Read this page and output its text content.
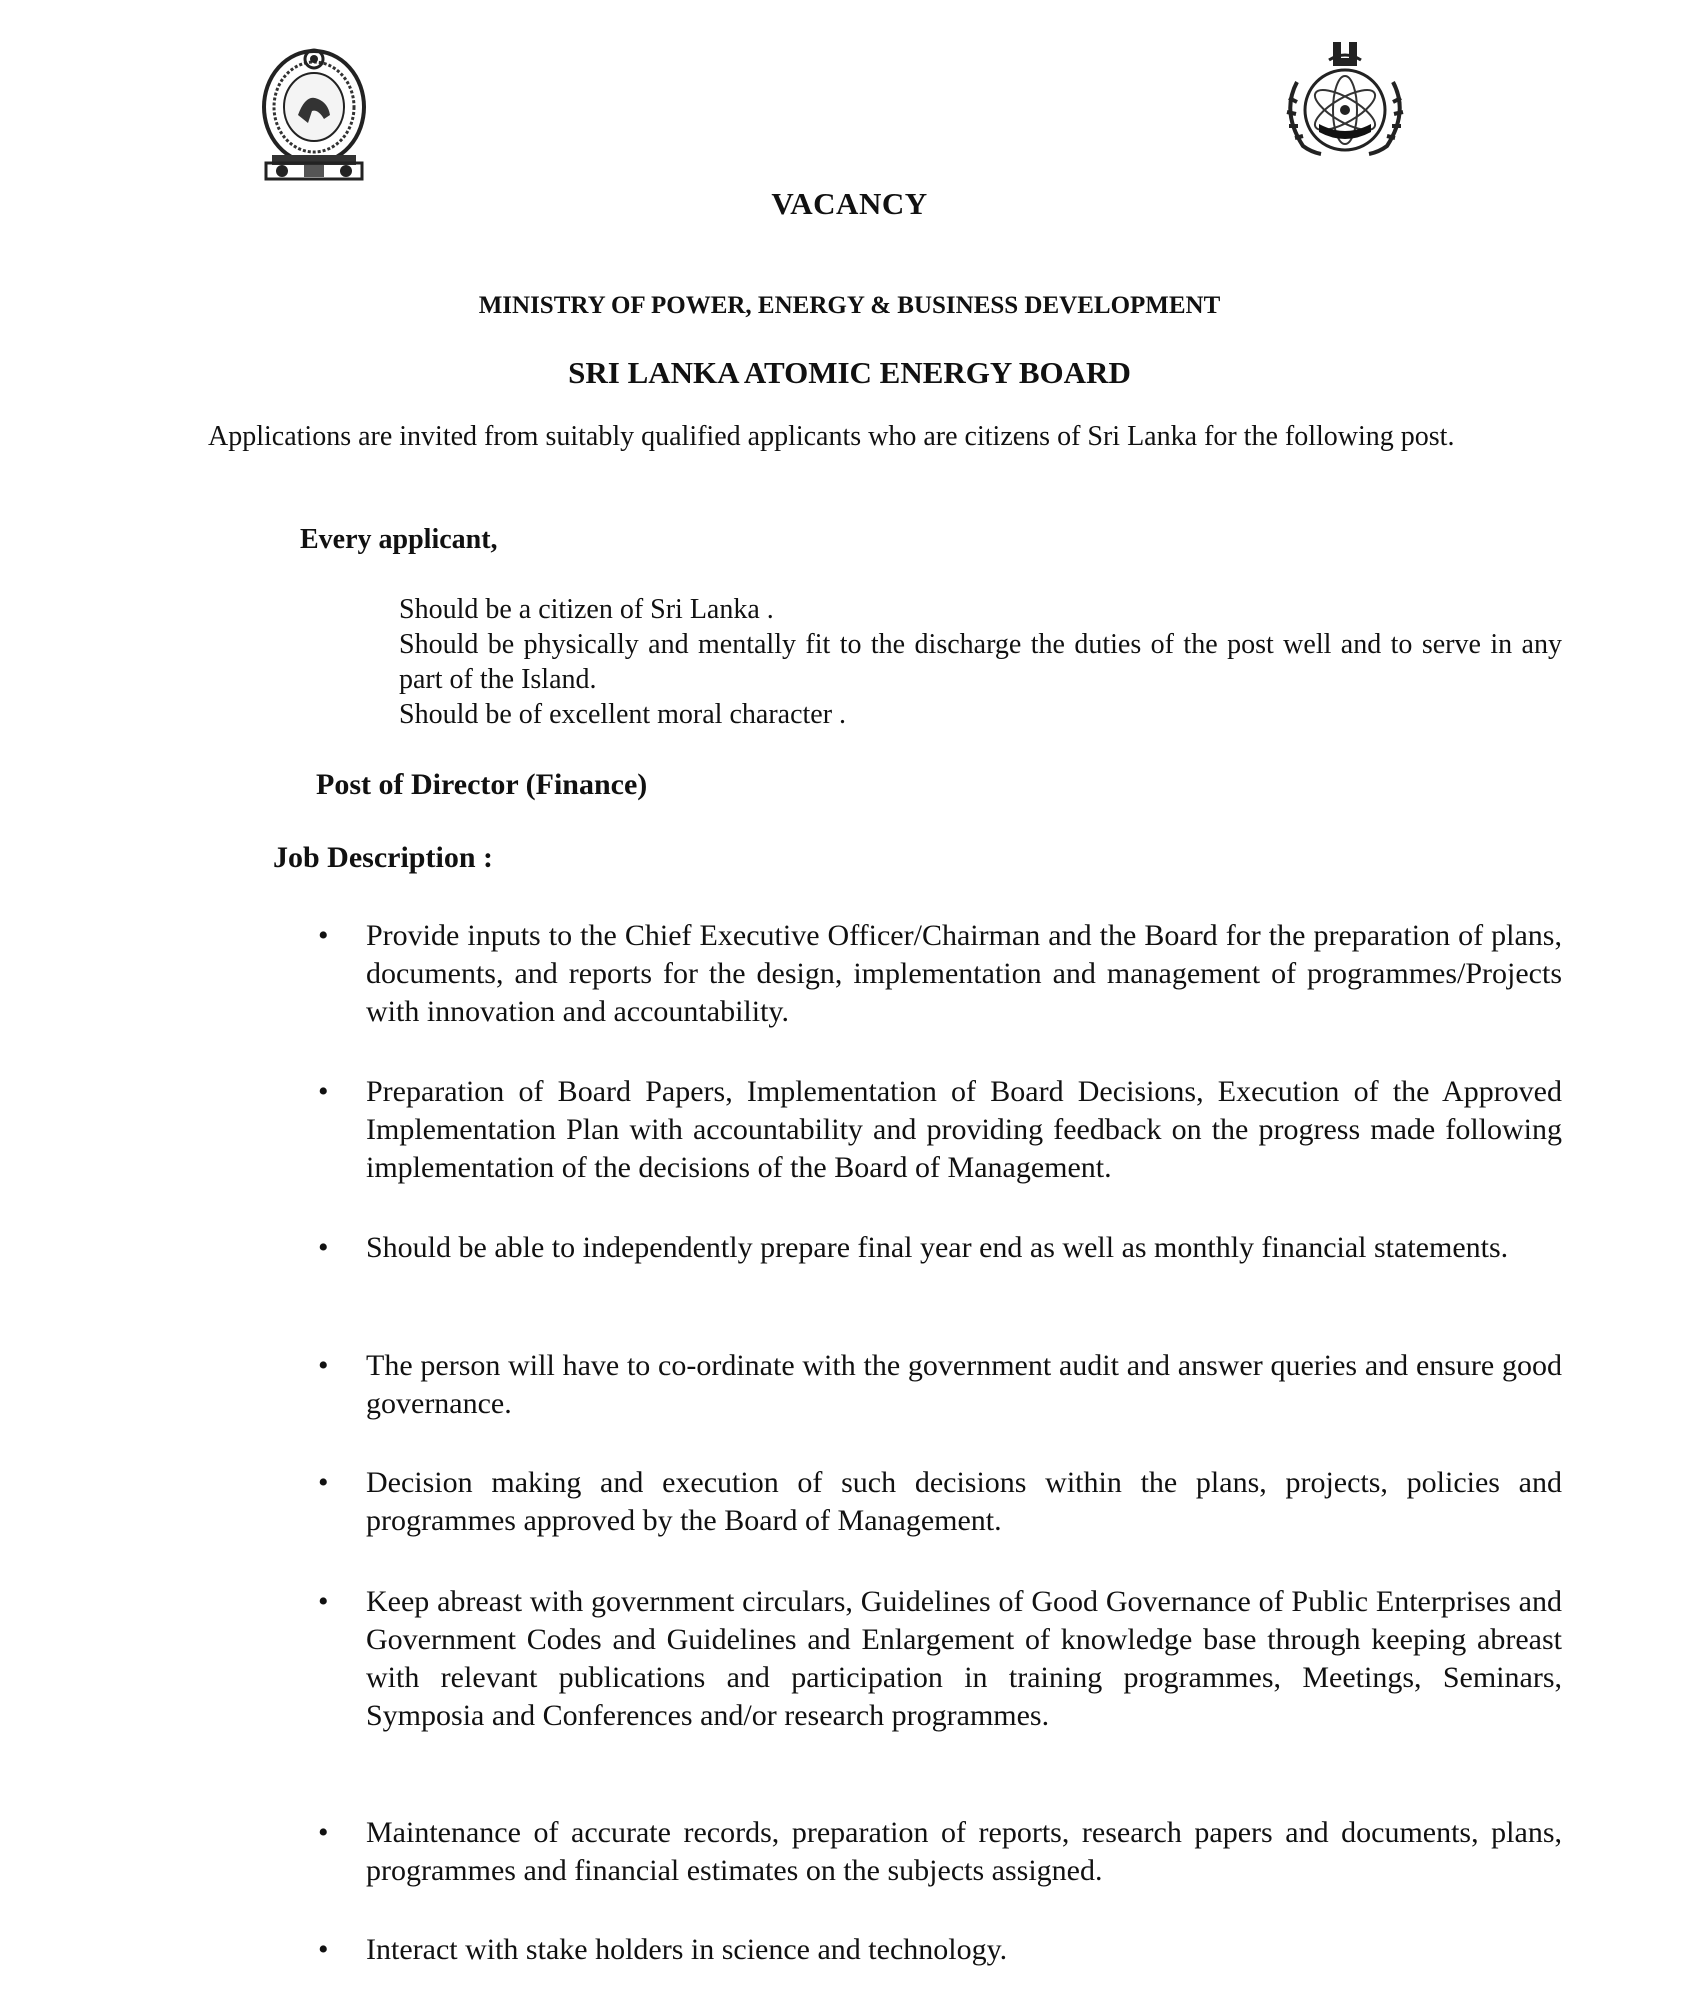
VACANCY
MINISTRY OF POWER, ENERGY & BUSINESS DEVELOPMENT
SRI LANKA ATOMIC ENERGY BOARD
Applications are invited from suitably qualified applicants who are citizens of Sri Lanka for the following post.
Every applicant,
Should be a citizen of Sri Lanka .
Should be physically and mentally fit to the discharge the duties of the post well and to serve in any part of the Island.
Should be of excellent moral character .
Post of Director (Finance)
Job Description :
• Provide inputs to the Chief Executive Officer/Chairman and the Board for the preparation of plans, documents, and reports for the design, implementation and management of programmes/Projects with innovation and accountability.
• Preparation of Board Papers, Implementation of Board Decisions, Execution of the Approved Implementation Plan with accountability and providing feedback on the progress made following implementation of the decisions of the Board of Management.
• Should be able to independently prepare final year end as well as monthly financial statements.
• The person will have to co-ordinate with the government audit and answer queries and ensure good governance.
• Decision making and execution of such decisions within the plans, projects, policies and programmes approved by the Board of Management.
• Keep abreast with government circulars, Guidelines of Good Governance of Public Enterprises and Government Codes and Guidelines and Enlargement of knowledge base through keeping abreast with relevant publications and participation in training programmes, Meetings, Seminars, Symposia and Conferences and/or research programmes.
• Maintenance of accurate records, preparation of reports, research papers and documents, plans, programmes and financial estimates on the subjects assigned.
• Interact with stake holders in science and technology.
